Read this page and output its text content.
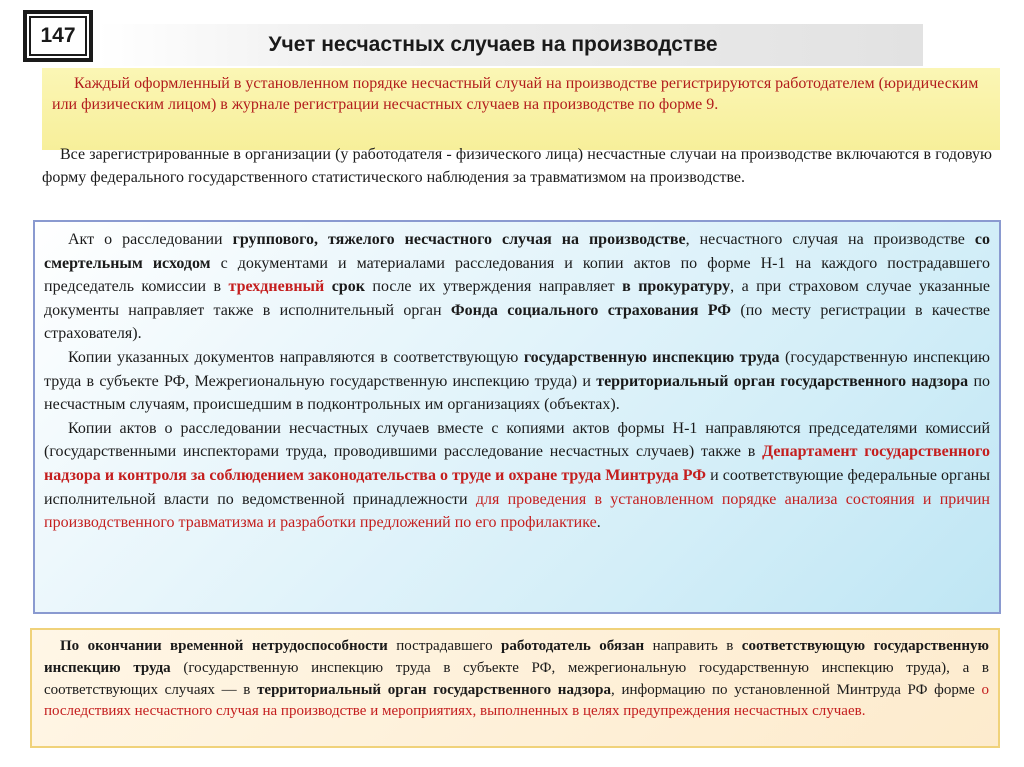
147	Учет несчастных случаев на производстве

Каждый оформленный в установленном порядке несчастный случай на производстве регистрируются работодателем (юридическим или физическим лицом) в журнале регистрации несчастных случаев на производстве по форме 9.

Все зарегистрированные в организации (у работодателя - физического лица) несчастные случаи на производстве включаются в годовую форму федерального государственного статистического наблюдения за травматизмом на производстве.

Акт о расследовании группового, тяжелого несчастного случая на производстве, несчастного случая на производстве со смертельным исходом с документами и материалами расследования и копии актов по форме Н-1 на каждого пострадавшего председатель комиссии в трехдневный срок после их утверждения направляет в прокуратуру, а при страховом случае указанные документы направляет также в исполнительный орган Фонда социального страхования РФ (по месту регистрации в качестве страхователя).

Копии указанных документов направляются в соответствующую государственную инспекцию труда (государственную инспекцию труда в субъекте РФ, Межрегиональную государственную инспекцию труда) и территориальный орган государственного надзора по несчастным случаям, происшедшим в подконтрольных им организациях (объектах).

Копии актов о расследовании несчастных случаев вместе с копиями актов формы Н-1 направляются председателями комиссий (государственными инспекторами труда, проводившими расследование несчастных случаев) также в Департамент государственного надзора и контроля за соблюдением законодательства о труде и охране труда Минтруда РФ и соответствующие федеральные органы исполнительной власти по ведомственной принадлежности для проведения в установленном порядке анализа состояния и причин производственного травматизма и разработки предложений по его профилактике.

По окончании временной нетрудоспособности пострадавшего работодатель обязан направить в соответствующую государственную инспекцию труда (государственную инспекцию труда в субъекте РФ, межрегиональную государственную инспекцию труда), а в соответствующих случаях — в территориальный орган государственного надзора, информацию по установленной Минтруда РФ форме о последствиях несчастного случая на производстве и мероприятиях, выполненных в целях предупреждения несчастных случаев.
